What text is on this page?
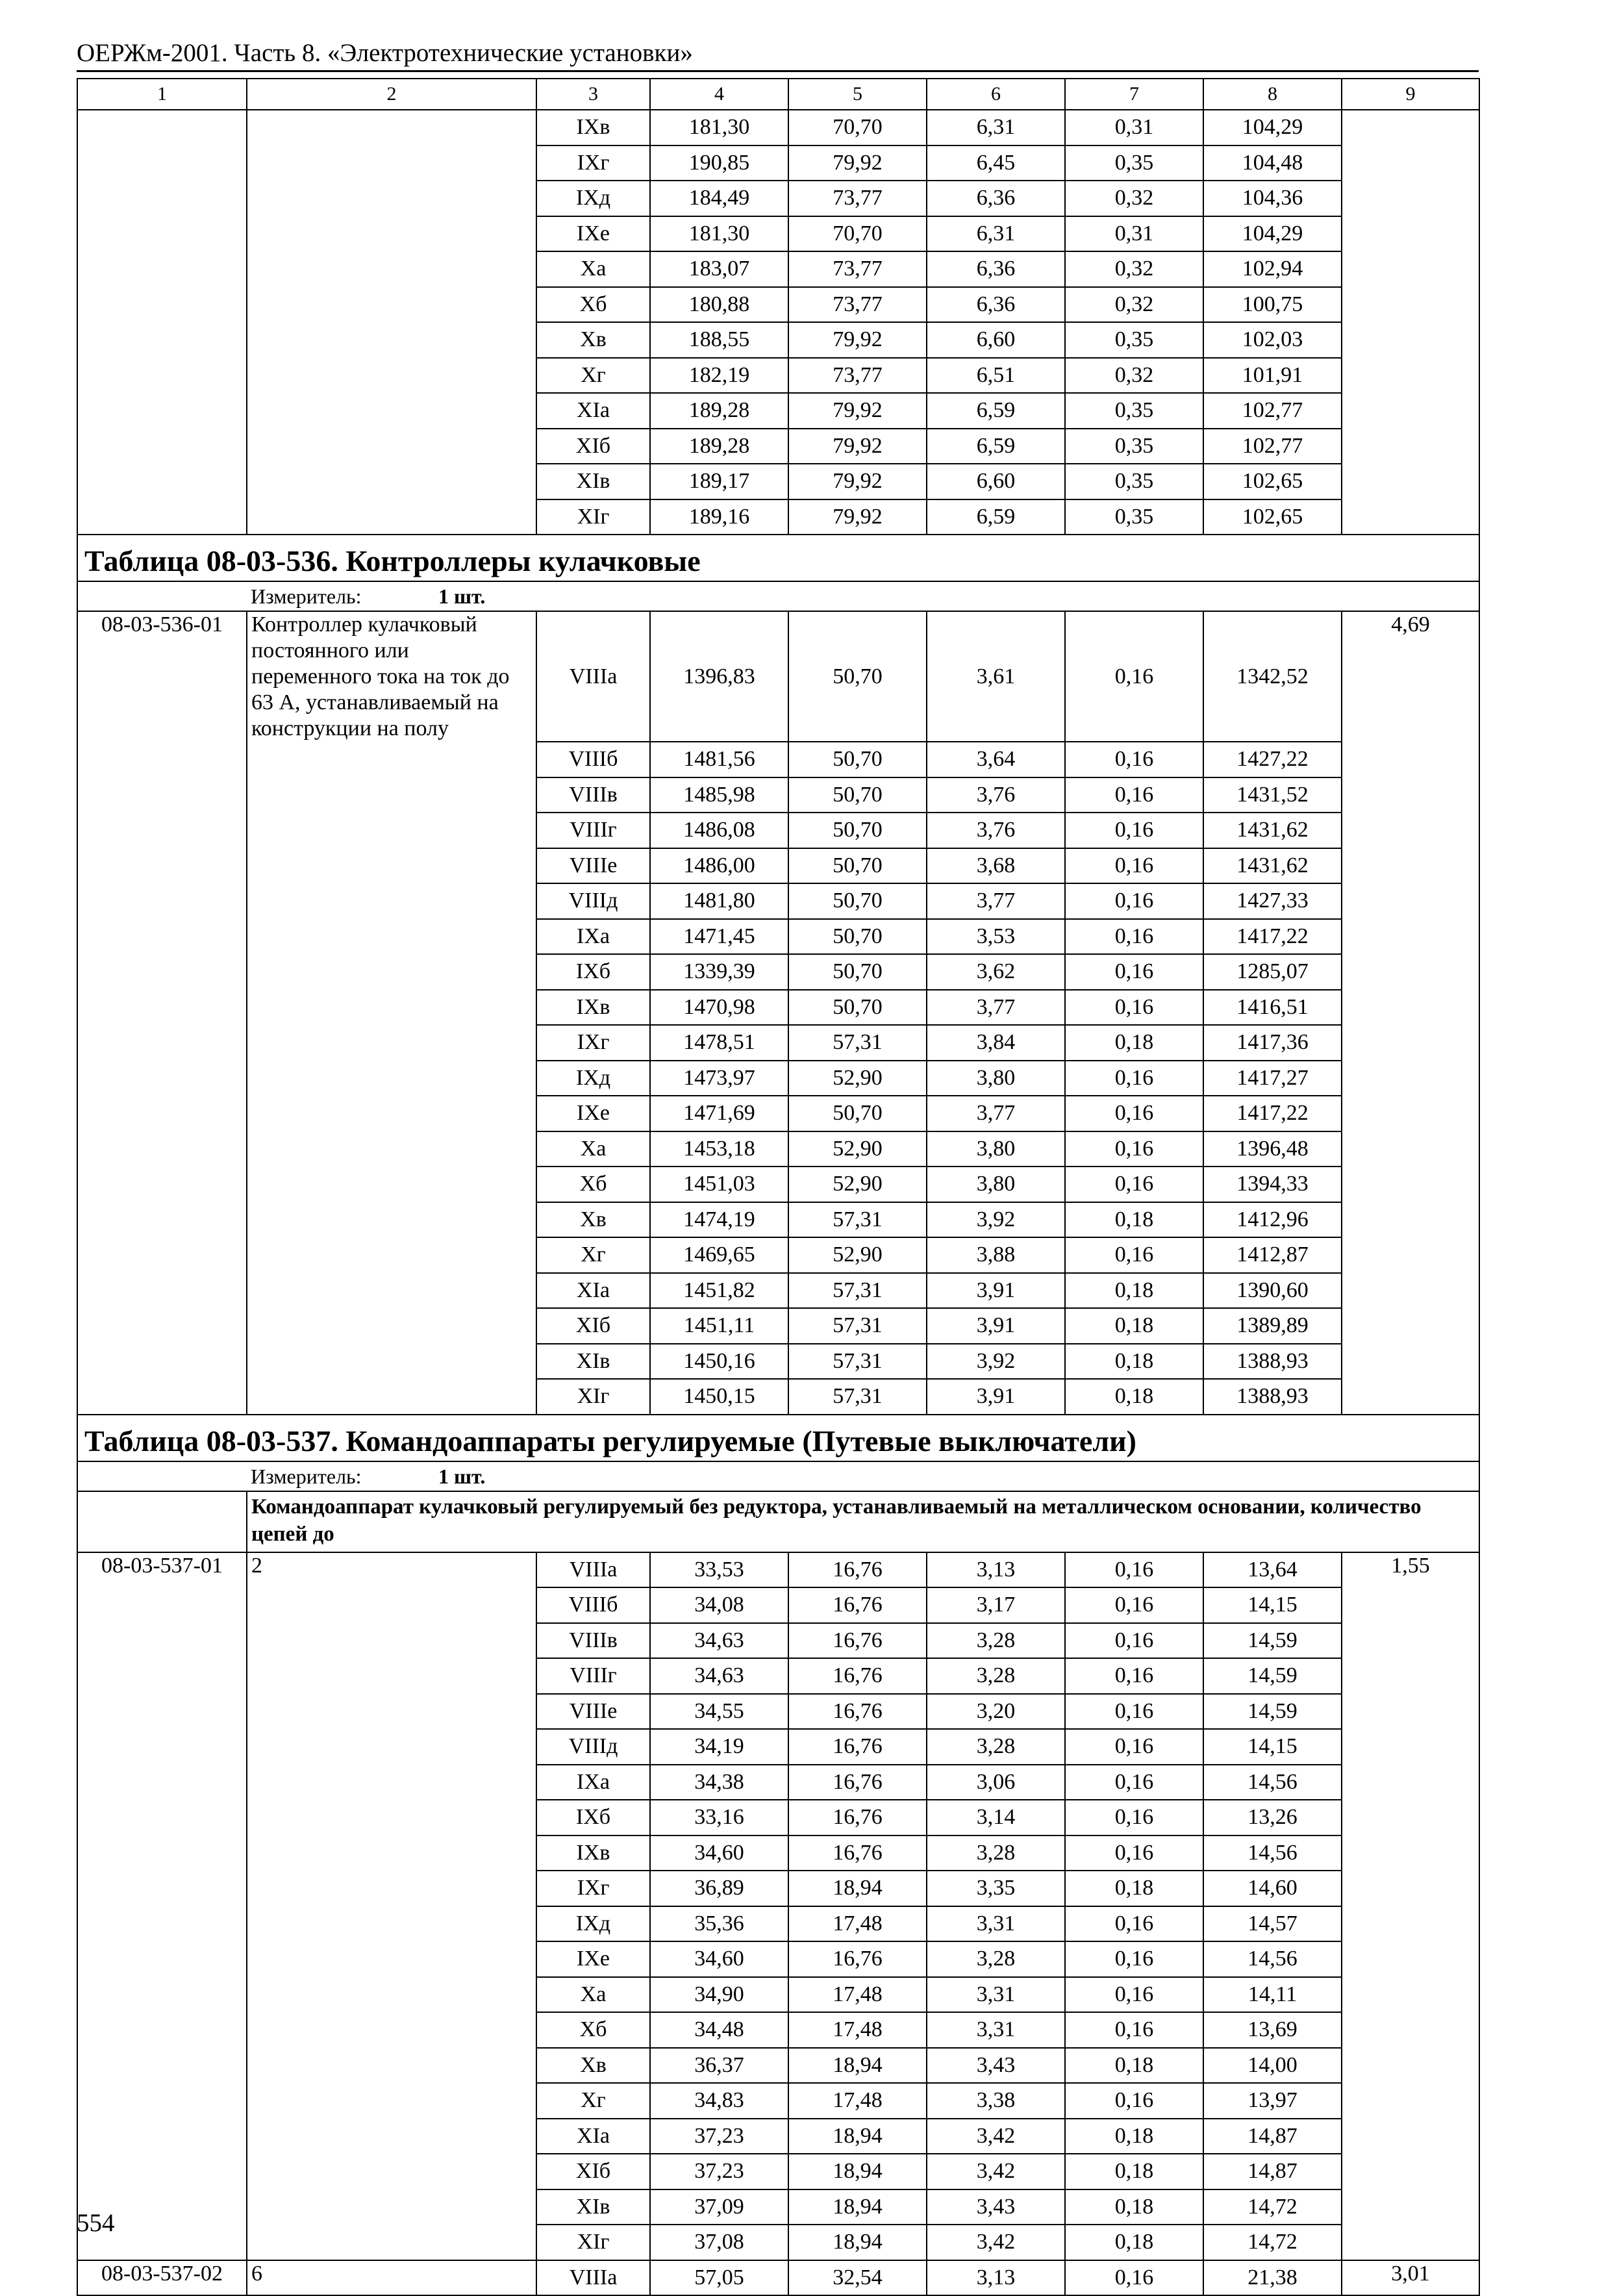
ОЕРЖм-2001. Часть 8. «Электротехнические установки»
1	2	3	4	5	6	7	8	9
		IXв	181,30	70,70	6,31	0,31	104,29	
		IXг	190,85	79,92	6,45	0,35	104,48	
		IXд	184,49	73,77	6,36	0,32	104,36	
		IXе	181,30	70,70	6,31	0,31	104,29	
		Xа	183,07	73,77	6,36	0,32	102,94	
		Xб	180,88	73,77	6,36	0,32	100,75	
		Xв	188,55	79,92	6,60	0,35	102,03	
		Xг	182,19	73,77	6,51	0,32	101,91	
		XIа	189,28	79,92	6,59	0,35	102,77	
		XIб	189,28	79,92	6,59	0,35	102,77	
		XIв	189,17	79,92	6,60	0,35	102,65	
		XIг	189,16	79,92	6,59	0,35	102,65	
Таблица 08-03-536. Контроллеры кулачковые								

Измеритель: 1 шт.								

08-03-536-01	Контроллер кулачковый постоянного или переменного тока на ток до 63 А, устанавливаемый на конструкции на полу	VIIIа	1396,83	50,70	3,61	0,16	1342,52	4,69
		VIIIб	1481,56	50,70	3,64	0,16	1427,22	
		VIIIв	1485,98	50,70	3,76	0,16	1431,52	
		VIIIг	1486,08	50,70	3,76	0,16	1431,62	
		VIIIе	1486,00	50,70	3,68	0,16	1431,62	
		VIIIд	1481,80	50,70	3,77	0,16	1427,33	
		IXа	1471,45	50,70	3,53	0,16	1417,22	
		IXб	1339,39	50,70	3,62	0,16	1285,07	
		IXв	1470,98	50,70	3,77	0,16	1416,51	
		IXг	1478,51	57,31	3,84	0,18	1417,36	
		IXд	1473,97	52,90	3,80	0,16	1417,27	
		IXе	1471,69	50,70	3,77	0,16	1417,22	
		Xа	1453,18	52,90	3,80	0,16	1396,48	
		Xб	1451,03	52,90	3,80	0,16	1394,33	
		Xв	1474,19	57,31	3,92	0,18	1412,96	
		Xг	1469,65	52,90	3,88	0,16	1412,87	
		XIа	1451,82	57,31	3,91	0,18	1390,60	
		XIб	1451,11	57,31	3,91	0,18	1389,89	
		XIв	1450,16	57,31	3,92	0,18	1388,93	
		XIг	1450,15	57,31	3,91	0,18	1388,93	
Таблица 08-03-537. Командоаппараты регулируемые (Путевые выключатели)								

Измеритель: 1 шт.								

	Командоаппарат кулачковый регулируемый без редуктора, устанавливаемый на металлическом основании, количество цепей до							
08-03-537-01	2	VIIIа	33,53	16,76	3,13	0,16	13,64	1,55
		VIIIб	34,08	16,76	3,17	0,16	14,15	
		VIIIв	34,63	16,76	3,28	0,16	14,59	
		VIIIг	34,63	16,76	3,28	0,16	14,59	
		VIIIе	34,55	16,76	3,20	0,16	14,59	
		VIIIд	34,19	16,76	3,28	0,16	14,15	
		IXа	34,38	16,76	3,06	0,16	14,56	
		IXб	33,16	16,76	3,14	0,16	13,26	
		IXв	34,60	16,76	3,28	0,16	14,56	
		IXг	36,89	18,94	3,35	0,18	14,60	
		IXд	35,36	17,48	3,31	0,16	14,57	
		IXе	34,60	16,76	3,28	0,16	14,56	
		Xа	34,90	17,48	3,31	0,16	14,11	
		Xб	34,48	17,48	3,31	0,16	13,69	
		Xв	36,37	18,94	3,43	0,18	14,00	
		Xг	34,83	17,48	3,38	0,16	13,97	
		XIа	37,23	18,94	3,42	0,18	14,87	
		XIб	37,23	18,94	3,42	0,18	14,87	
		XIв	37,09	18,94	3,43	0,18	14,72	
		XIг	37,08	18,94	3,42	0,18	14,72	
08-03-537-02	6	VIIIа	57,05	32,54	3,13	0,16	21,38	3,01
554
